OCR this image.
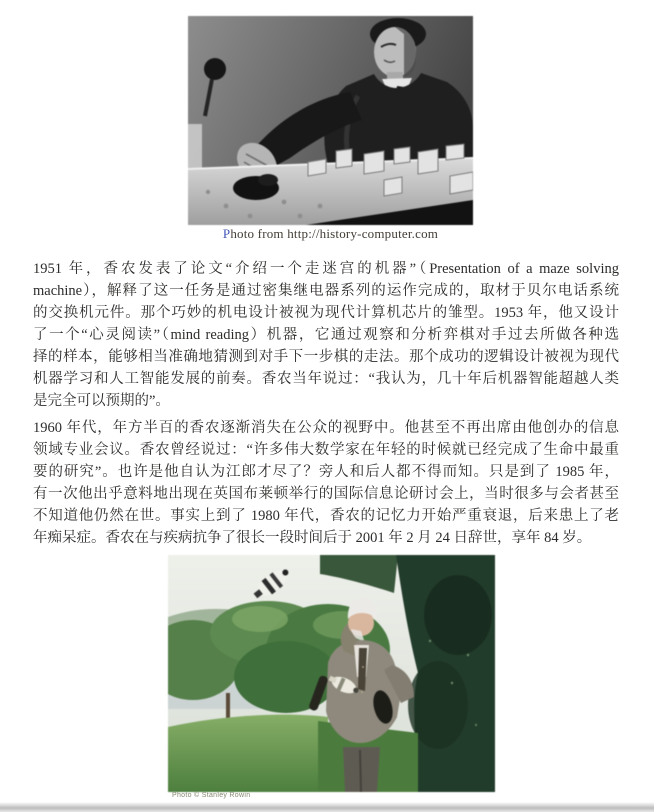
Photo from http://history-computer.com
1951 年，香农发表了论文“介绍一个走迷宫的机器”（Presentation of a maze solving
machine），解释了这一任务是通过密集继电器系列的运作完成的，取材于贝尔电话系统
的交换机元件。那个巧妙的机电设计被视为现代计算机芯片的雏型。1953 年，他又设计
了一个“心灵阅读”（mind reading）机器，它通过观察和分析弈棋对手过去所做各种选
择的样本，能够相当准确地猜测到对手下一步棋的走法。那个成功的逻辑设计被视为现代
机器学习和人工智能发展的前奏。香农当年说过：“我认为，几十年后机器智能超越人类
是完全可以预期的”。
1960 年代，年方半百的香农逐渐消失在公众的视野中。他甚至不再出席由他创办的信息
领域专业会议。香农曾经说过：“许多伟大数学家在年轻的时候就已经完成了生命中最重
要的研究”。也许是他自认为江郎才尽了？旁人和后人都不得而知。只是到了 1985 年，
有一次他出乎意料地出现在英国布莱顿举行的国际信息论研讨会上，当时很多与会者甚至
不知道他仍然在世。事实上到了 1980 年代，香农的记忆力开始严重衰退，后来患上了老
年痴呆症。香农在与疾病抗争了很长一段时间后于 2001 年 2 月 24 日辞世，享年 84 岁。
Photo © Stanley Rowin
